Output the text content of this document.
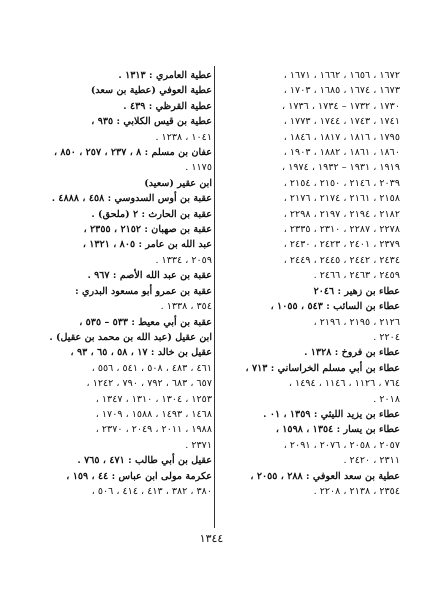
١٦٧٢ ، ١٦٥٦ ، ١٦٦٢ ، ١٦٧١ ،
١٦٧٣ ، ١٦٧٤ ، ١٦٨٥ ، ١٧٠٣ ،
١٧٣٠ ، ١٧٣٢ – ١٧٣٤ ، ١٧٣٦ ،
١٧٤١ ، ١٧٤٣ ، ١٧٤٤ ، ١٧٧٣ ،
١٧٩٥ ، ١٨١٦ ، ١٨١٧ ، ١٨٤٦ ،
١٨٦٠ ، ١٨٦١ ، ١٨٨٢ ، ١٩٠٣ ،
١٩١٩ ، ١٩٣١ – ١٩٣٢ ، ١٩٧٤ ،
٢٠٣٩ ، ٢١٤٦ ، ٢١٥٠ ، ٢١٥٤ ،
٢١٥٨ ، ٢١٦١ ، ٢١٧٤ ، ٢١٧٦ ،
٢١٨٢ ، ٢١٩٤ ، ٢١٩٧ ، ٢٢٩٨ ،
٢٢٧٨ ، ٢٢٨٧ ، ٢٣١٠ ، ٢٣٣٥ ،
٢٣٧٩ ، ٢٤٠١ ، ٢٤٢٣ ، ٢٤٣٠ ،
٢٤٣٤ ، ٢٤٤٢ ، ٢٤٤٥ ، ٢٤٤٩ ،
٢٤٥٩ ، ٢٤٦٣ ، ٢٤٦٦ .
عطاء بن زهير : ٢٠٤٦
عطاء بن السائب : ٥٤٣ ، ١٠٥٥ ،
٢١٢٦ ، ٢١٩٥ ، ٢١٩٦ ،
٢٢٠٤ .
عطاء بن فروخ : ١٣٢٨ .
عطاء بن أبي مسلم الخراساني : ٧١٣ ،
٧٦٤ ، ١١٢٦ ، ١١٤٦ ، ١٤٩٤ ،
٢٠١٨ .
عطاء بن يزيد الليثي : ١٣٥٩ ، ٠١ .
عطاء بن يسار : ١٣٥٤ ، ١٥٩٨ ،
٢٠٥٧ ، ٢٠٥٨ ، ٢٠٧٦ ، ٢٠٩١ ،
٢٣١١ ، ٢٤٢٠ .
عطية بن سعد العوفي : ٢٨٨ ، ٢٠٥٥ ،
٢٣٥٤ ، ٢١٣٨ ، ٢٢٠٨ .
عطية العامري : ١٣١٣ .
عطية العوفي (عطية بن سعد)
عطية القرظي : ٤٣٩ .
عطية بن قيس الكلابي : ٩٣٥ ،
١٠٤١ ، ١٢٣٨ .
عفان بن مسلم : ٨ ، ٢٣٧ ، ٢٥٧ ، ٨٥٠ ،
١١٧٥ .
ابن عقير (سعيد)
عقبة بن أوس السدوسي : ٤٥٨ ، ٤٨٨٨ .
عقبة بن الحارث : ٢ (ملحق) .
عقبة بن صهبان : ٢١٥٢ ، ٢٣٥٥ ،
عبد الله بن عامر : ٨٠٥ ، ١٣٢١ ،
٢٠٥٩ ، ١٣٣٤ .
عقبة بن عبد الله الأصم : ٩٦٧ .
عقبة بن عمرو أبو مسعود البدري :
٣٥٤ ، ١٣٣٨ .
عقبة بن أبي معيط : ٥٣٣ – ٥٣٥ ،
ابن عقيل (عبد الله بن محمد بن عقيل) .
عقيل بن خالد : ١٧ ، ٥٨ ، ٦٥ ، ٩٣ ،
٤٦١ ، ٤٨٣ ، ٥٠٨ ، ٥٤١ ، ٥٥٦ ،
٦٥٧ ، ٦٨٣ ، ٧٩٢ ، ٧٩٠ ، ١٢٤٢ ،
١٢٥٣ ، ١٣٠٤ ، ١٣١٠ ، ١٣٤٧ ،
١٤٦٨ ، ١٤٩٣ ، ١٥٨٨ ، ١٧٠٩ ،
١٩٨٨ ، ٢٠١١ ، ٢٠٤٩ ، ٢٣٧٠ ،
٢٣٧١ .
عقيل بن أبي طالب : ٤٧١ ، ٧٦٥ .
عكرمة مولى ابن عباس : ٤٤ ، ١٥٩ ،
٣٨٠ ، ٣٨٢ ، ٤١٣ ، ٤١٤ ، ٥٠٦ ،
١٣٤٤
